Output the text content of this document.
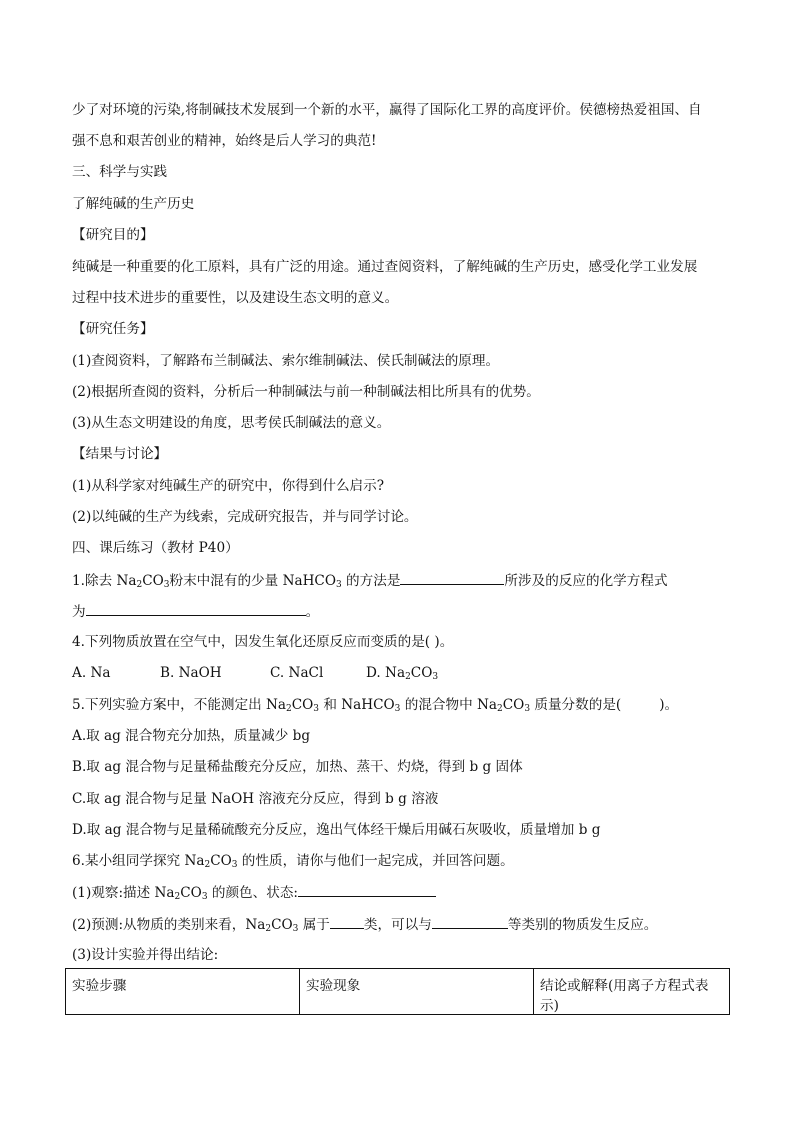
少了对环境的污染,将制碱技术发展到一个新的水平，赢得了国际化工界的高度评价。侯德榜热爱祖国、自
强不息和艰苦创业的精神，始终是后人学习的典范!
三、科学与实践
了解纯碱的生产历史
【研究目的】
纯碱是一种重要的化工原料，具有广泛的用途。通过查阅资料，了解纯碱的生产历史，感受化学工业发展
过程中技术进步的重要性，以及建设生态文明的意义。
【研究任务】
(1)查阅资料，了解路布兰制碱法、索尔维制碱法、侯氏制碱法的原理。
(2)根据所查阅的资料，分析后一种制碱法与前一种制碱法相比所具有的优势。
(3)从生态文明建设的角度，思考侯氏制碱法的意义。
【结果与讨论】
(1)从科学家对纯碱生产的研究中，你得到什么启示?
(2)以纯碱的生产为线索，完成研究报告，并与同学讨论。
四、课后练习（教材 P40）
1.除去 $Na_2CO_3$粉末中混有的少量 NaHCO$_3$ 的方法是	所涉及的反应的化学方程式
为	。
4.下列物质放置在空气中，因发生氧化还原反应而变质的是( )。
A. Na	B. NaOH	C. NaCl	D. $Na_2CO_3$
5.下列实验方案中，不能测定出 $Na_2CO_3$ 和 NaHCO$_3$ 的混合物中 $Na_2CO_3$ 质量分数的是(	)。
A.取 ag 混合物充分加热，质量减少 bg
B.取 ag 混合物与足量稀盐酸充分反应，加热、蒸干、灼烧，得到 b g 固体
C.取 ag 混合物与足量 NaOH 溶液充分反应，得到 b g 溶液
D.取 ag 混合物与足量稀硫酸充分反应，逸出气体经干燥后用碱石灰吸收，质量增加 b g
6.某小组同学探究 $Na_2CO_3$ 的性质，请你与他们一起完成，并回答问题。
(1)观察:描述 $Na_2CO_3$ 的颜色、状态:
(2)预测:从物质的类别来看，$Na_2CO_3$ 属于	类，可以与	等类别的物质发生反应。
(3)设计实验并得出结论:
实验步骤	实验现象	结论或解释(用离子方程式表示)
